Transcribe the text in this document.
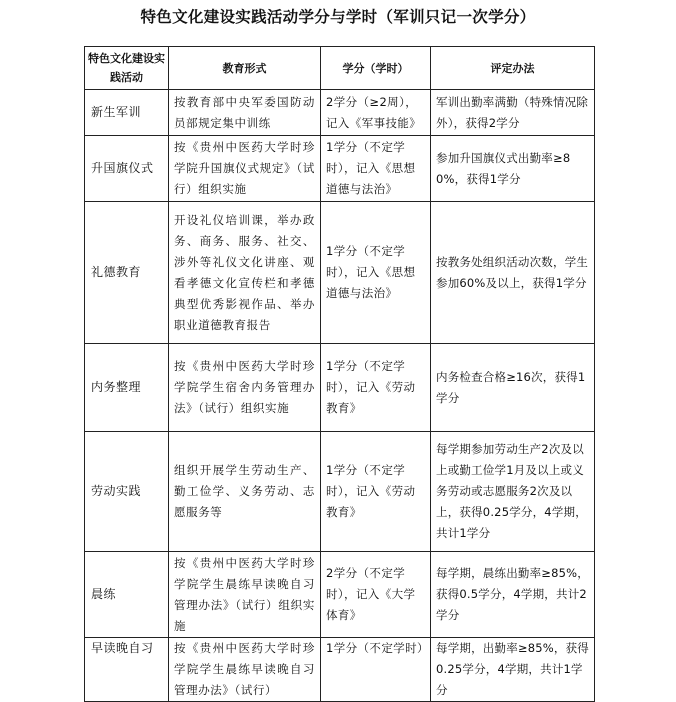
特色文化建设实践活动学分与学时（军训只记一次学分）
特色文化建设实践活动	教育形式	学分（学时）	评定办法
新生军训	按教育部中央军委国防动员部规定集中训练	2学分（≥2周），记入《军事技能》	军训出勤率满勤（特殊情况除外），获得2学分
升国旗仪式	按《贵州中医药大学时珍学院升国旗仪式规定》（试行）组织实施	1学分（不定学时），记入《思想道德与法治》	参加升国旗仪式出勤率≥80%，获得1学分
礼德教育	开设礼仪培训课，举办政务、商务、服务、社交、涉外等礼仪文化讲座、观看孝德文化宣传栏和孝德典型优秀影视作品、举办职业道德教育报告	1学分（不定学时），记入《思想道德与法治》	按教务处组织活动次数，学生参加60%及以上，获得1学分
内务整理	按《贵州中医药大学时珍学院学生宿舍内务管理办法》（试行）组织实施	1学分（不定学时），记入《劳动教育》	内务检查合格≥16次，获得1学分
劳动实践	组织开展学生劳动生产、勤工俭学、义务劳动、志愿服务等	1学分（不定学时），记入《劳动教育》	每学期参加劳动生产2次及以上或勤工俭学1月及以上或义务劳动或志愿服务2次及以上，获得0.25学分，4学期，共计1学分
晨练	按《贵州中医药大学时珍学院学生晨练早读晚自习管理办法》（试行）组织实施	2学分（不定学时），记入《大学体育》	每学期，晨练出勤率≥85%，获得0.5学分，4学期，共计2学分
早读晚自习	按《贵州中医药大学时珍学院学生晨练早读晚自习管理办法》（试行）	1学分（不定学时）	每学期，出勤率≥85%，获得0.25学分，4学期，共计1学分
